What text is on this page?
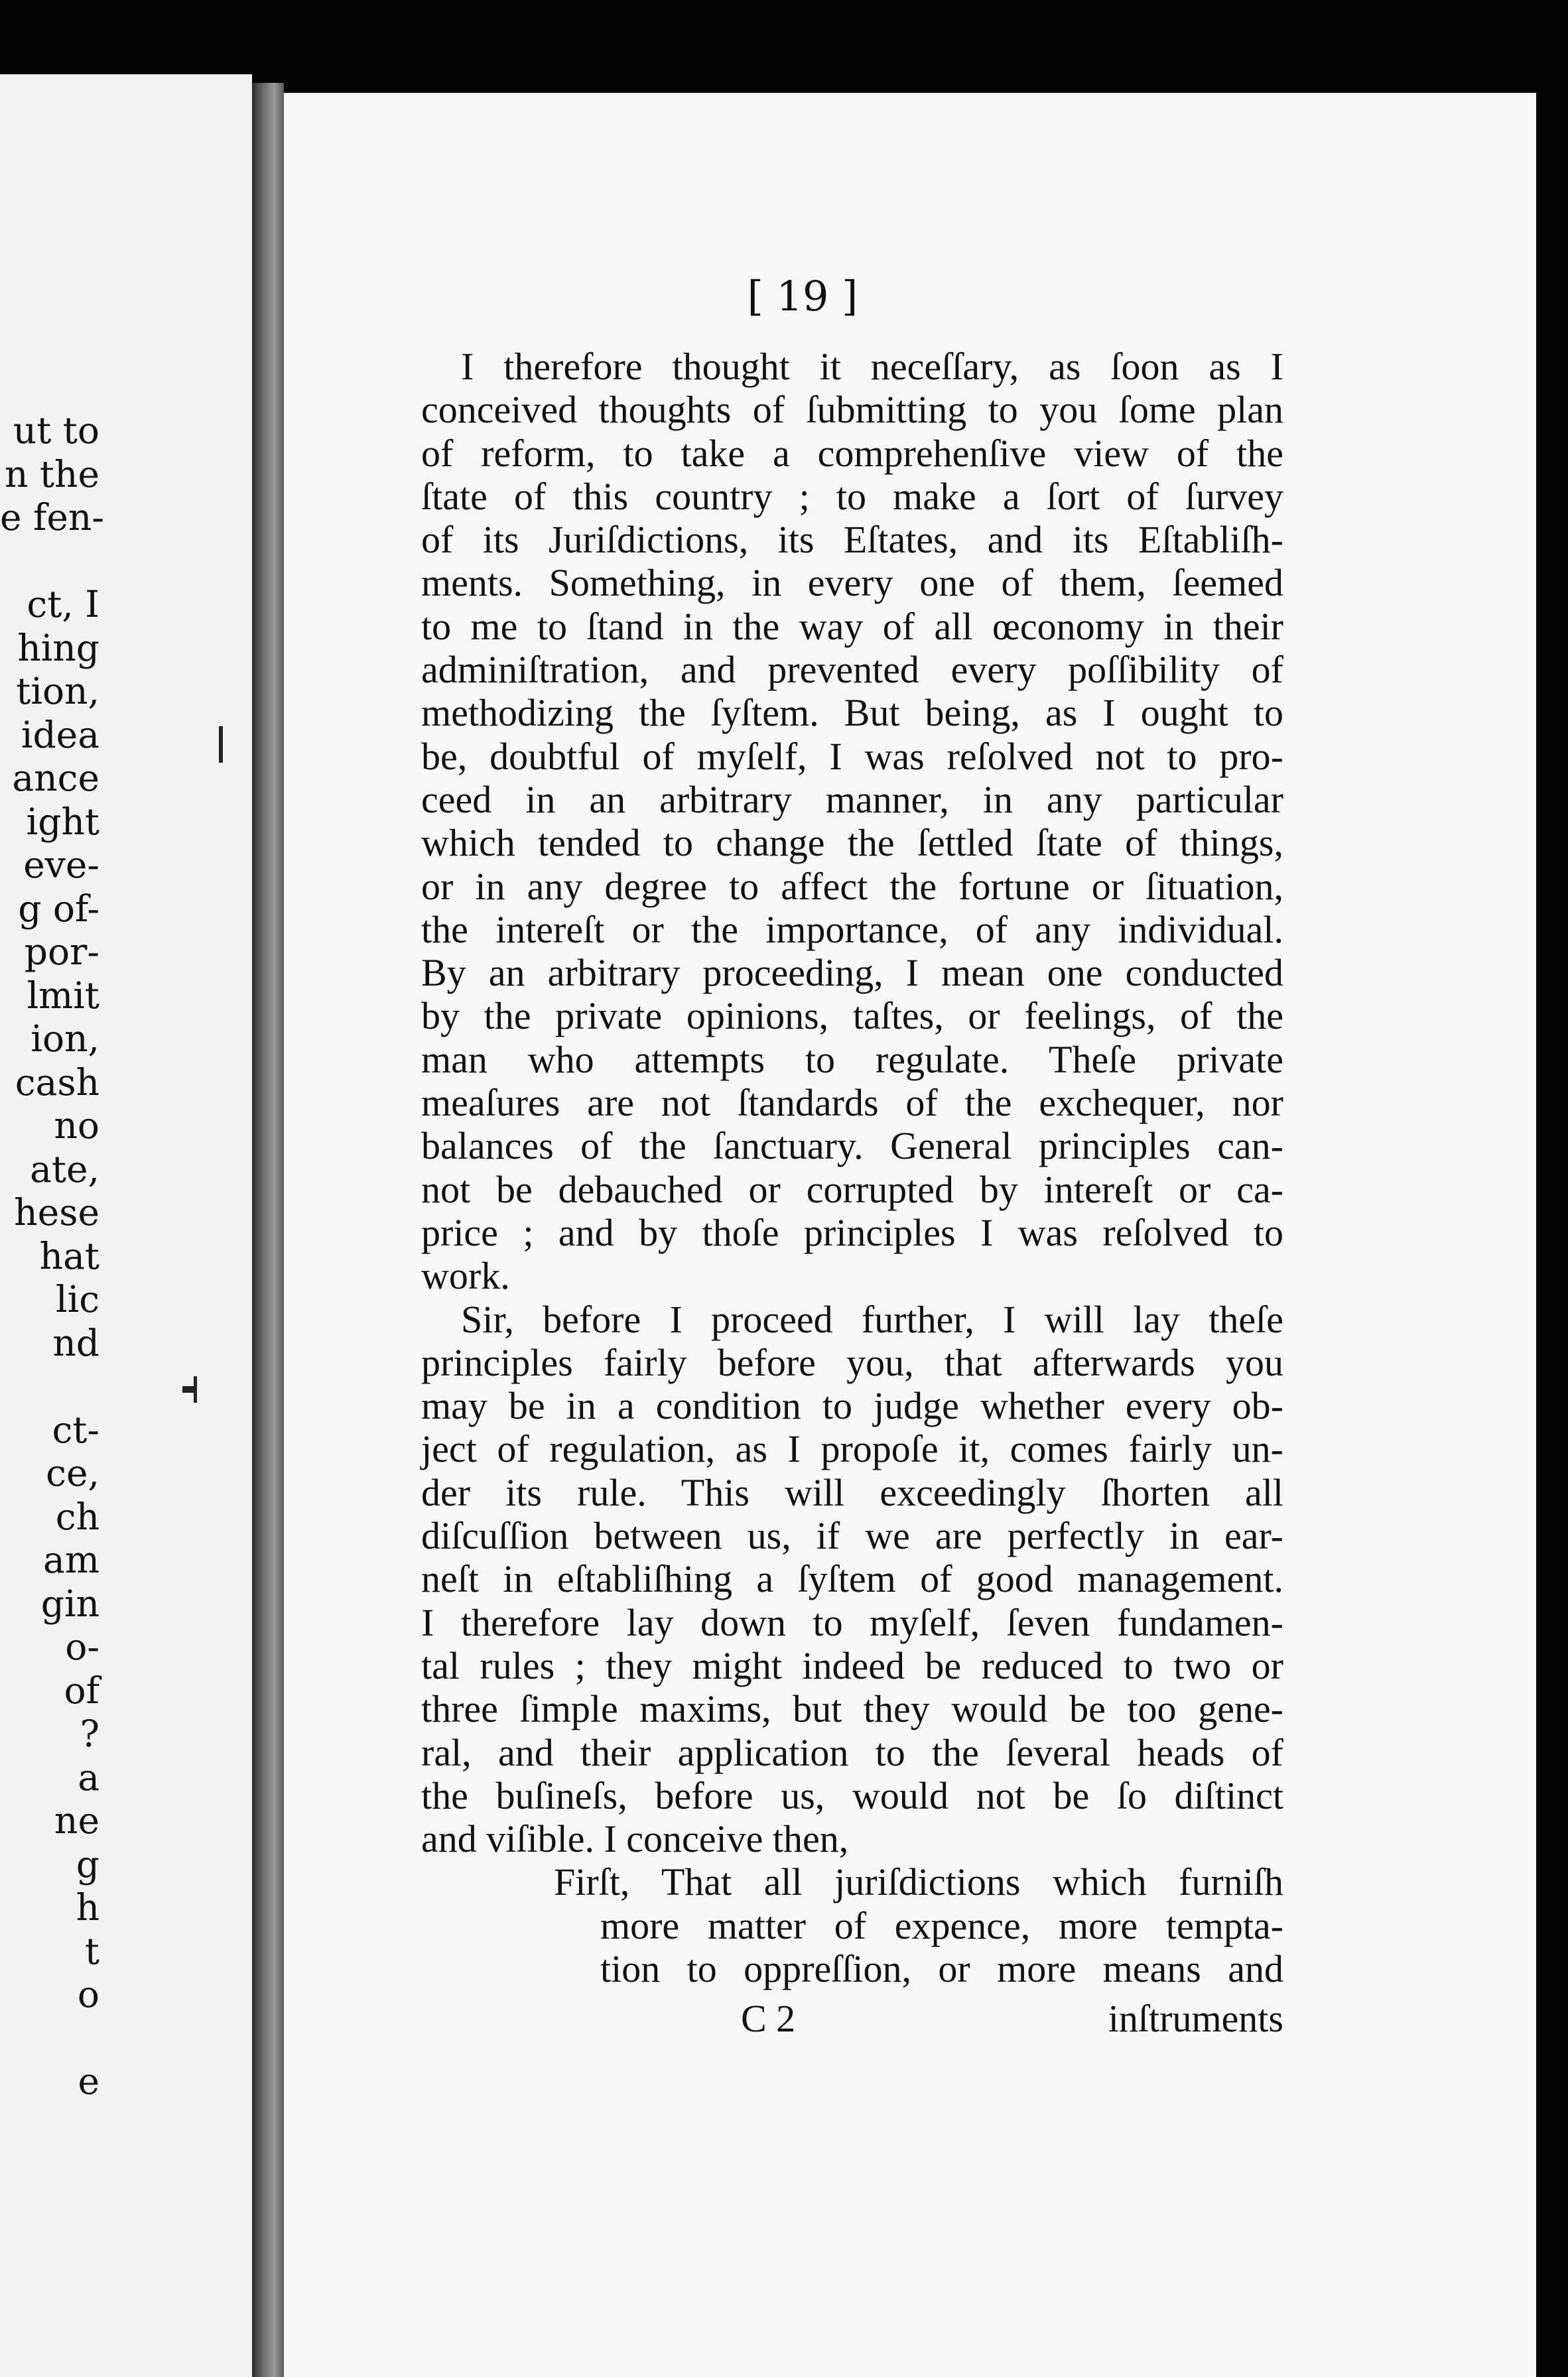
ut to
n the
e fen-
ct, I
hing
tion,
idea
ance
ight
eve-
g of-
por-
lmit
ion,
cash
no
ate,
hese
hat
lic
nd
ct-
ce,
ch
am
gin
o-
of
?
a
ne
g
h
t
o
e
[ 19 ]
I therefore thought it neceſſary, as ſoon as I
conceived thoughts of ſubmitting to you ſome plan
of reform, to take a comprehenſive view of the
ſtate of this country ; to make a ſort of ſurvey
of its Juriſdictions, its Eſtates, and its Eſtabliſh-
ments. Something, in every one of them, ſeemed
to me to ſtand in the way of all œconomy in their
adminiſtration, and prevented every poſſibility of
methodizing the ſyſtem. But being, as I ought to
be, doubtful of myſelf, I was reſolved not to pro-
ceed in an arbitrary manner, in any particular
which tended to change the ſettled ſtate of things,
or in any degree to affect the fortune or ſituation,
the intereſt or the importance, of any individual.
By an arbitrary proceeding, I mean one conducted
by the private opinions, taſtes, or feelings, of the
man who attempts to regulate. Theſe private
meaſures are not ſtandards of the exchequer, nor
balances of the ſanctuary. General principles can-
not be debauched or corrupted by intereſt or ca-
price ; and by thoſe principles I was reſolved to
work.
Sir, before I proceed further, I will lay theſe
principles fairly before you, that afterwards you
may be in a condition to judge whether every ob-
ject of regulation, as I propoſe it, comes fairly un-
der its rule. This will exceedingly ſhorten all
diſcuſſion between us, if we are perfectly in ear-
neſt in eſtabliſhing a ſyſtem of good management.
I therefore lay down to myſelf, ſeven fundamen-
tal rules ; they might indeed be reduced to two or
three ſimple maxims, but they would be too gene-
ral, and their application to the ſeveral heads of
the buſineſs, before us, would not be ſo diſtinct
and viſible. I conceive then,
Firſt, That all juriſdictions which furniſh
more matter of expence, more tempta-
tion to oppreſſion, or more means and
C 2	inſtruments
